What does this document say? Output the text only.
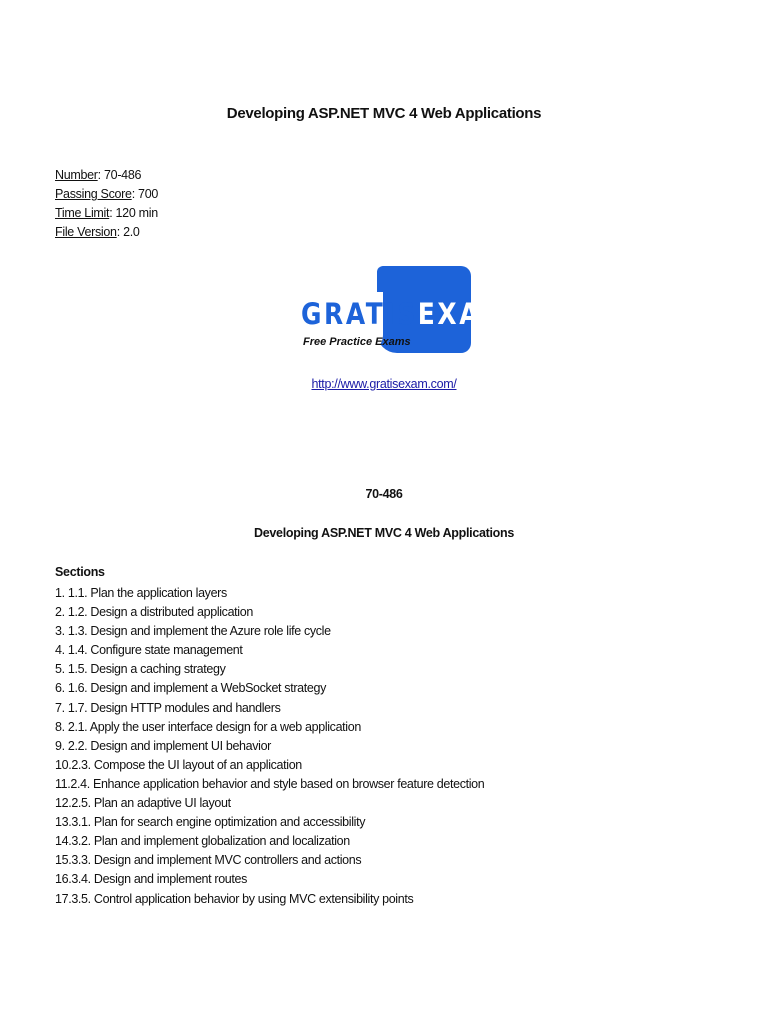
Developing ASP.NET MVC 4 Web Applications
Number: 70-486
Passing Score: 700
Time Limit: 120 min
File Version: 2.0
GRATISEXAM
Free Practice Exams
http://www.gratisexam.com/
70-486
Developing ASP.NET MVC 4 Web Applications
Sections
1. 1.1. Plan the application layers
2. 1.2. Design a distributed application
3. 1.3. Design and implement the Azure role life cycle
4. 1.4. Configure state management
5. 1.5. Design a caching strategy
6. 1.6. Design and implement a WebSocket strategy
7. 1.7. Design HTTP modules and handlers
8. 2.1. Apply the user interface design for a web application
9. 2.2. Design and implement UI behavior
10.2.3. Compose the UI layout of an application
11.2.4. Enhance application behavior and style based on browser feature detection
12.2.5. Plan an adaptive UI layout
13.3.1. Plan for search engine optimization and accessibility
14.3.2. Plan and implement globalization and localization
15.3.3. Design and implement MVC controllers and actions
16.3.4. Design and implement routes
17.3.5. Control application behavior by using MVC extensibility points
